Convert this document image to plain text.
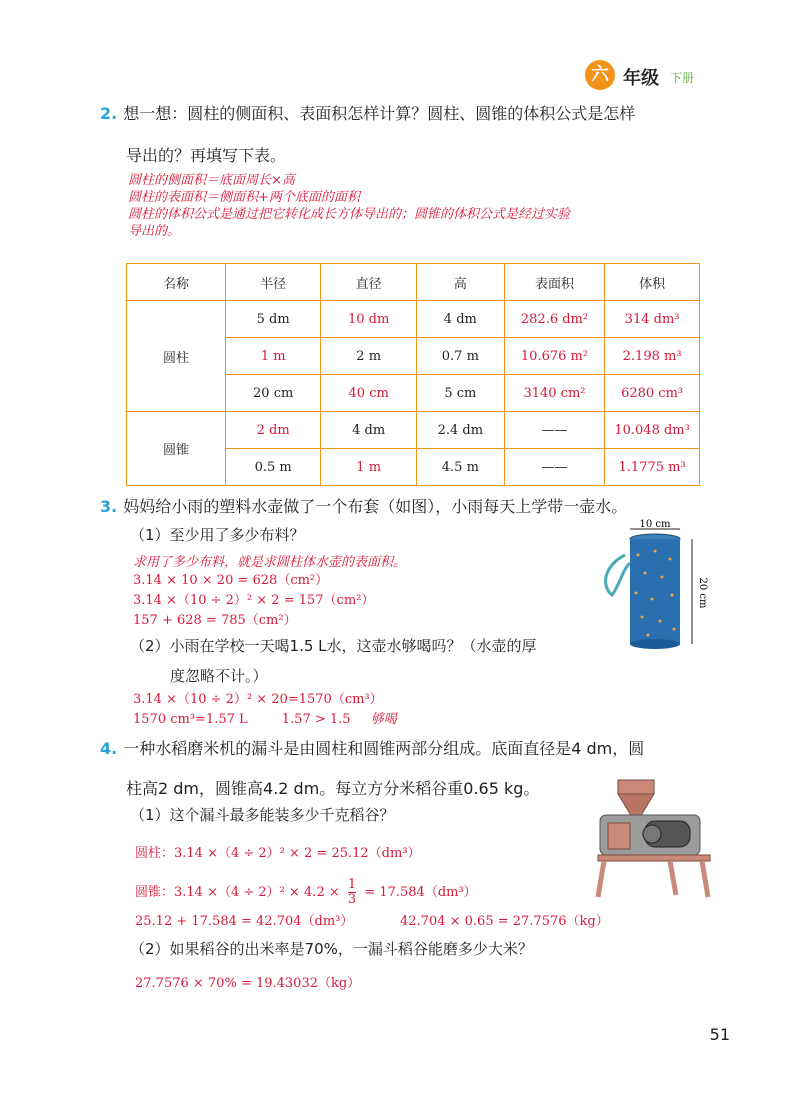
六 年级 下册
2. 想一想：圆柱的侧面积、表面积怎样计算？圆柱、圆锥的体积公式是怎样
导出的？再填写下表。
圆柱的侧面积＝底面周长×高
圆柱的表面积＝侧面积+两个底面的面积
圆柱的体积公式是通过把它转化成长方体导出的；圆锥的体积公式是经过实验
导出的。
名称	半径	直径	高	表面积	体积
圆柱	5 dm	10 dm	4 dm	282.6 dm²	314 dm³
	1 m	2 m	0.7 m	10.676 m²	2.198 m³
	20 cm	40 cm	5 cm	3140 cm²	6280 cm³
圆锥	2 dm	4 dm	2.4 dm	——	10.048 dm³
	0.5 m	1 m	4.5 m	——	1.1775 m³
3. 妈妈给小雨的塑料水壶做了一个布套（如图），小雨每天上学带一壶水。
（1）至少用了多少布料？
求用了多少布料，就是求圆柱体水壶的表面积。
3.14 × 10 × 20 = 628（cm²）
3.14 ×（10 ÷ 2）² × 2 = 157（cm²）
157 + 628 = 785（cm²）
（2）小雨在学校一天喝1.5 L水，这壶水够喝吗？（水壶的厚
度忽略不计。）
3.14 ×（10 ÷ 2）² × 20=1570（cm³）
1570 cm³=1.57 L	1.57 > 1.5 够喝
10 cm
20 cm
4. 一种水稻磨米机的漏斗是由圆柱和圆锥两部分组成。底面直径是4 dm，圆
柱高2 dm，圆锥高4.2 dm。每立方分米稻谷重0.65 kg。
（1）这个漏斗最多能装多少千克稻谷？
圆柱：3.14 ×（4 ÷ 2）² × 2 = 25.12（dm³）
圆锥：$3.14 \times(4 \div 2)^2 \times 4.2 \times \frac{1}{3} = 17.584(dm^3)$
25.12 + 17.584 = 42.704（dm³）	42.704 × 0.65 = 27.7576（kg）
（2）如果稻谷的出米率是70%，一漏斗稻谷能磨多少大米？
27.7576 × 70% = 19.43032（kg）
51
